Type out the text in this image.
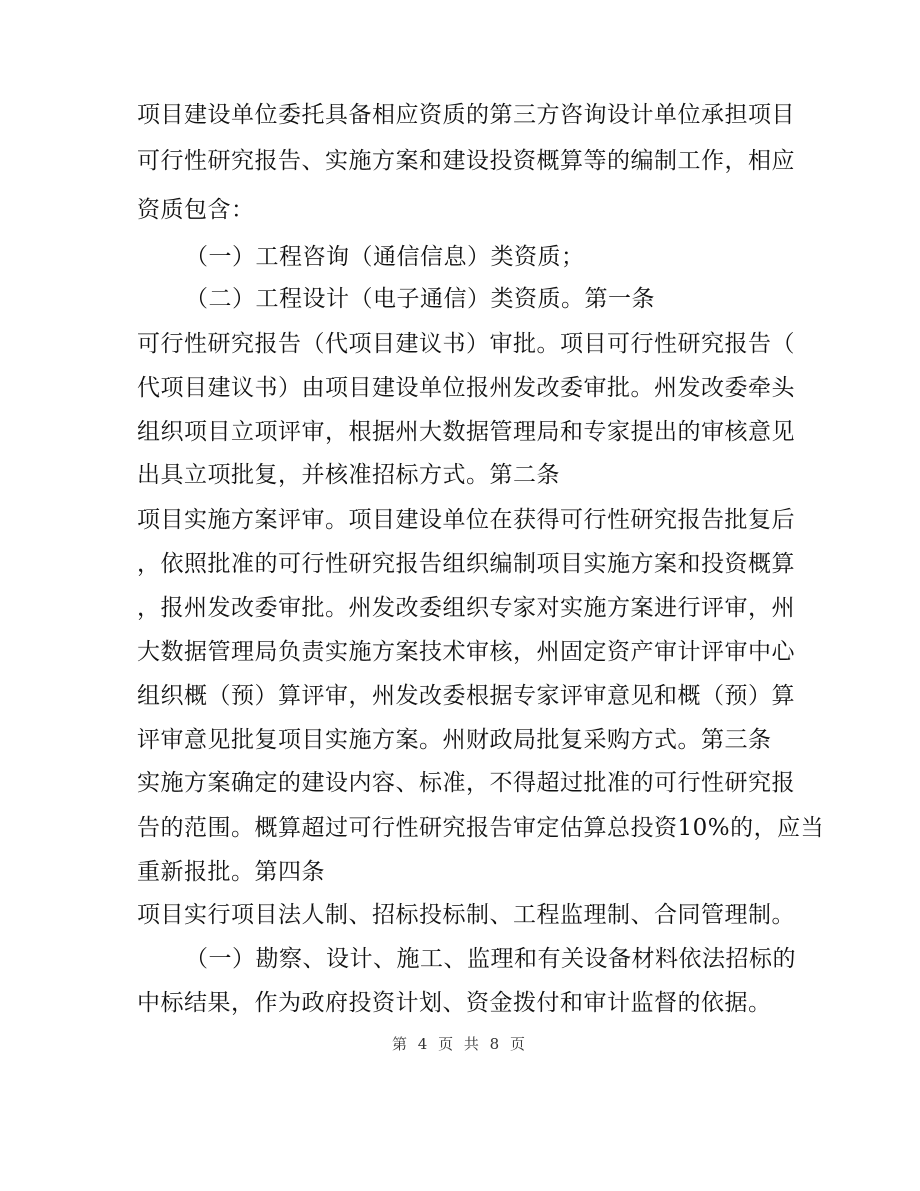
项目建设单位委托具备相应资质的第三方咨询设计单位承担项目
可行性研究报告、实施方案和建设投资概算等的编制工作，相应
资质包含：
（一）工程咨询（通信信息）类资质；
（二）工程设计（电子通信）类资质。第一条
可行性研究报告（代项目建议书）审批。项目可行性研究报告（
代项目建议书）由项目建设单位报州发改委审批。州发改委牵头
组织项目立项评审，根据州大数据管理局和专家提出的审核意见
出具立项批复，并核准招标方式。第二条
项目实施方案评审。项目建设单位在获得可行性研究报告批复后
，依照批准的可行性研究报告组织编制项目实施方案和投资概算
，报州发改委审批。州发改委组织专家对实施方案进行评审，州
大数据管理局负责实施方案技术审核，州固定资产审计评审中心
组织概（预）算评审，州发改委根据专家评审意见和概（预）算
评审意见批复项目实施方案。州财政局批复采购方式。第三条
实施方案确定的建设内容、标准，不得超过批准的可行性研究报
告的范围。概算超过可行性研究报告审定估算总投资10%的，应当
重新报批。第四条
项目实行项目法人制、招标投标制、工程监理制、合同管理制。
（一）勘察、设计、施工、监理和有关设备材料依法招标的
中标结果，作为政府投资计划、资金拨付和审计监督的依据。
第 4 页 共 8 页
